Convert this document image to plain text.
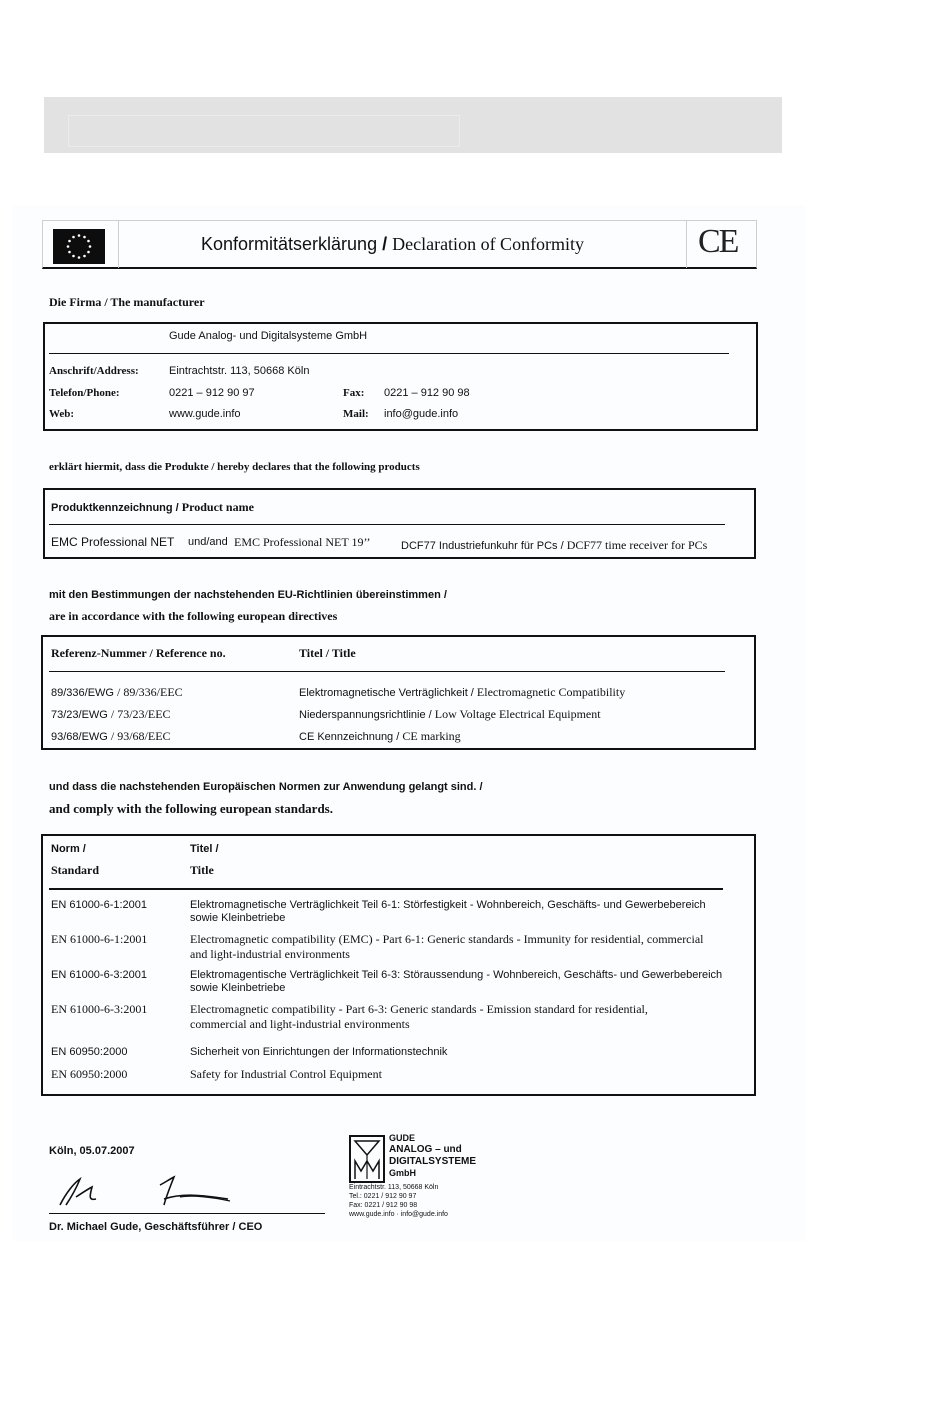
Konformitätserklärung / Declaration of Conformity	CE
Die Firma / The manufacturer
Gude Analog- und Digitalsysteme GmbH
Anschrift/Address:	Eintrachtstr. 113, 50668 Köln
Telefon/Phone:	0221 – 912 90 97	Fax: 0221 – 912 90 98
Web:	www.gude.info	Mail: info@gude.info
erklärt hiermit, dass die Produkte / hereby declares that the following products
Produktkennzeichnung / Product name
EMC Professional NET und/and EMC Professional NET 19’’	DCF77 Industriefunkuhr für PCs / DCF77 time receiver for PCs
mit den Bestimmungen der nachstehenden EU-Richtlinien übereinstimmen /
are in accordance with the following european directives
Referenz-Nummer / Reference no.	Titel / Title
89/336/EWG / 89/336/EEC	Elektromagnetische Verträglichkeit / Electromagnetic Compatibility
73/23/EWG / 73/23/EEC	Niederspannungsrichtlinie / Low Voltage Electrical Equipment
93/68/EWG / 93/68/EEC	CE Kennzeichnung / CE marking
und dass die nachstehenden Europäischen Normen zur Anwendung gelangt sind. /
and comply with the following european standards.
Norm /
Standard
Titel /
Title
EN 61000-6-1:2001	Elektromagnetische Verträglichkeit Teil 6-1: Störfestigkeit - Wohnbereich, Geschäfts- und Gewerbebereich
sowie Kleinbetriebe
EN 61000-6-1:2001	Electromagnetic compatibility (EMC) - Part 6-1: Generic standards - Immunity for residential, commercial
and light-industrial environments
EN 61000-6-3:2001	Elektromagentische Verträglichkeit Teil 6-3: Störaussendung - Wohnbereich, Geschäfts- und Gewerbebereich
sowie Kleinbetriebe
EN 61000-6-3:2001	Electromagnetic compatibility - Part 6-3: Generic standards - Emission standard for residential,
commercial and light-industrial environments
EN 60950:2000	Sicherheit von Einrichtungen der Informationstechnik
EN 60950:2000	Safety for Industrial Control Equipment
Köln, 05.07.2007
Dr. Michael Gude, Geschäftsführer / CEO
GUDE
ANALOG – und
DIGITALSYSTEME
GmbH
Eintrachtstr. 113, 50668 Köln
Tel.: 0221 / 912 90 97
Fax: 0221 / 912 90 98
www.gude.info · info@gude.info
